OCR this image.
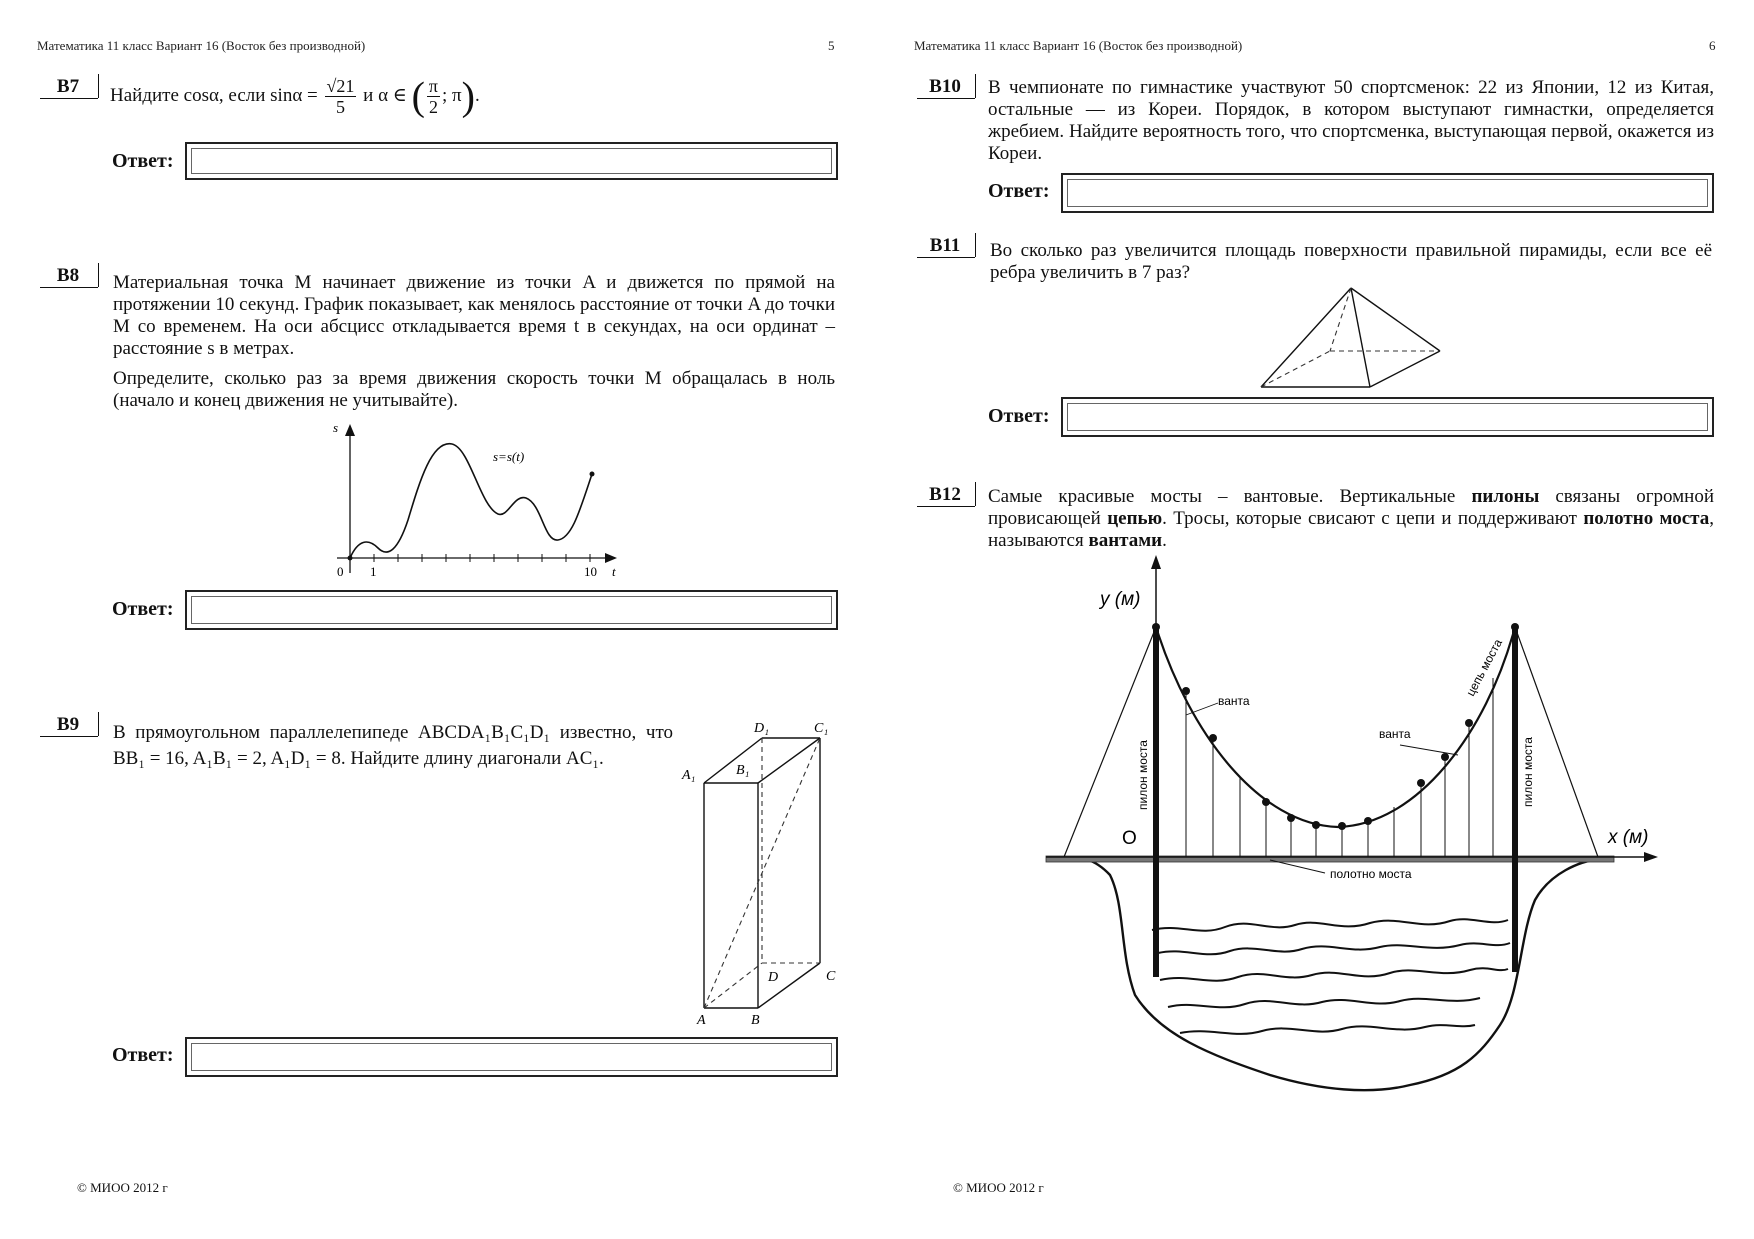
Математика 11 класс Вариант 16 (Восток без производной)	5
B7	Найдите cosα, если $\sin\alpha = \frac{√21}{5}$ и α ∈ ( $\frac{\pi}{2}$ ; π).
Ответ:
B8	Материальная точка M начинает движение из точки A и движется по прямой на протяжении 10 секунд. График показывает, как менялось расстояние от точки A до точки M со временем. На оси абсцисс откладывается время t в секундах, на оси ординат – расстояние s в метрах.
Определите, сколько раз за время движения скорость точки M обращалась в ноль (начало и конец движения не учитывайте).
s
s=s(t)
0 1	10 t
Ответ:
B9	В прямоугольном параллелепипеде ABCDA₁B₁C₁D₁ известно, что BB₁ = 16, A₁B₁ = 2, A₁D₁ = 8. Найдите длину диагонали AC₁.
D₁	C₁
A₁	B₁
D	C
A	B
Ответ:
© МИОО 2012 г
Математика 11 класс Вариант 16 (Восток без производной)	6
B10	В чемпионате по гимнастике участвуют 50 спортсменок: 22 из Японии, 12 из Китая, остальные — из Кореи. Порядок, в котором выступают гимнастки, определяется жребием. Найдите вероятность того, что спортсменка, выступающая первой, окажется из Кореи.
Ответ:
B11	Во сколько раз увеличится площадь поверхности правильной пирамиды, если все её ребра увеличить в 7 раз?
Ответ:
B12	Самые красивые мосты – вантовые. Вертикальные пилоны связаны огромной провисающей цепью. Тросы, которые свисают с цепи и поддерживают полотно моста, называются вантами.
y (м)
x (м)
O
ванта
ванта
цепь моста
пилон моста	пилон моста
полотно моста
© МИОО 2012 г
